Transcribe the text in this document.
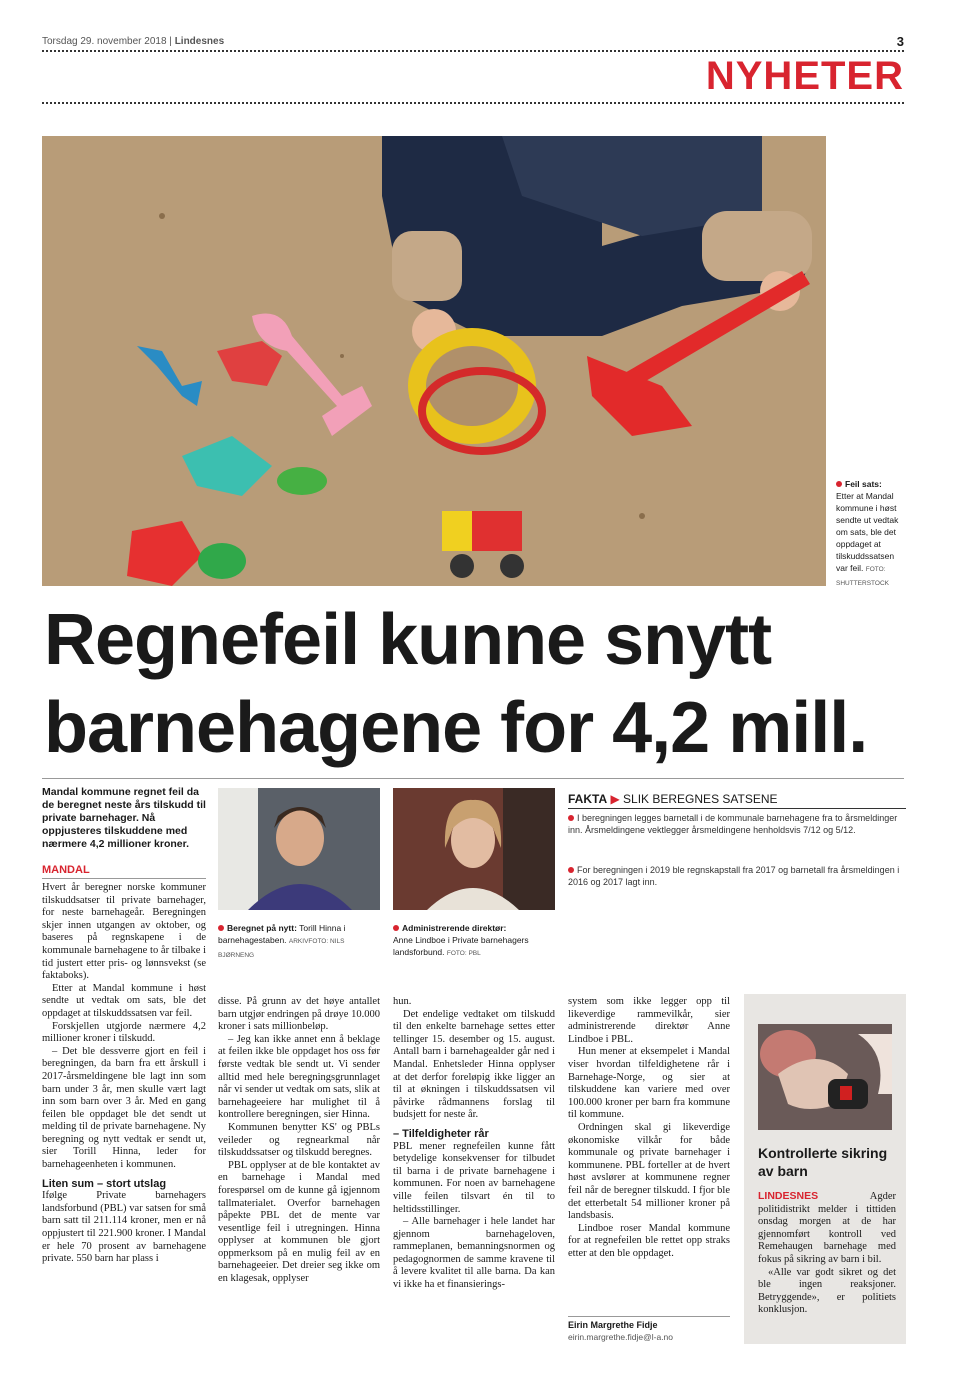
Torsdag 29. november 2018 | Lindesnes	3
NYHETER
Feil sats:
Etter at Mandal kommune i høst sendte ut vedtak om sats, ble det oppdaget at tilskuddssatsen var feil. FOTO: SHUTTERSTOCK
Regnefeil kunne snytt barnehagene for 4,2 mill.
Mandal kommune regnet feil da de beregnet neste års tilskudd til private barnehager. Nå oppjusteres tilskuddene med nærmere 4,2 millioner kroner.
MANDAL

Hvert år beregner norske kommuner tilskuddsatser til private barnehager, for neste barnehageår. Beregningen skjer innen utgangen av oktober, og baseres på regnskapene i de kommunale barnehagene to år tilbake i tid justert etter pris- og lønnsvekst (se faktaboks).

Etter at Mandal kommune i høst sendte ut vedtak om sats, ble det oppdaget at tilskuddssatsen var feil.

Forskjellen utgjorde nærmere 4,2 millioner kroner i tilskudd.

– Det ble dessverre gjort en feil i beregningen, da barn fra ett årskull i 2017-årsmeldingene ble lagt inn som barn under 3 år, men skulle vært lagt inn som barn over 3 år. Med en gang feilen ble oppdaget ble det sendt ut melding til de private barnehagene. Ny beregning og nytt vedtak er sendt ut, sier Torill Hinna, leder for barnehageenheten i kommunen.

Liten sum – stort utslag

Ifølge Private barnehagers landsforbund (PBL) var satsen for små barn satt til 211.114 kroner, men er nå oppjustert til 221.900 kroner. I Mandal er hele 70 prosent av barnehagene private. 550 barn har plass i

Beregnet på nytt: Torill Hinna i barnehagestaben. ARKIVFOTO: NILS BJØRNENG
Administrerende direktør:
Anne Lindboe i Private barnehagers landsforbund. FOTO: PBL
FAKTA ▶ SLIK BEREGNES SATSENE
I beregningen legges barnetall i de kommunale barnehagene fra to årsmeldinger inn. Årsmeldingene vektlegger årsmeldingene henholdsvis 7/12 og 5/12.
For beregningen i 2019 ble regnskapstall fra 2017 og barnetall fra årsmeldingen i 2016 og 2017 lagt inn.

disse. På grunn av det høye antallet barn utgjør endringen på drøye 10.000 kroner i sats millionbeløp.

– Jeg kan ikke annet enn å beklage at feilen ikke ble oppdaget hos oss før første vedtak ble sendt ut. Vi sender alltid med hele beregningsgrunnlaget når vi sender ut vedtak om sats, slik at barnehageeiere har mulighet til å kontrollere beregningen, sier Hinna.

Kommunen benytter KS' og PBLs veileder og regnearkmal når tilskuddssatser og tilskudd beregnes.

PBL opplyser at de ble kontaktet av en barnehage i Mandal med forespørsel om de kunne gå igjennom tallmaterialet. Overfor barnehagen påpekte PBL det de mente var vesentlige feil i utregningen. Hinna opplyser at kommunen ble gjort oppmerksom på en mulig feil av en barnehageeier. Det dreier seg ikke om en klagesak, opplyser

hun.

Det endelige vedtaket om tilskudd til den enkelte barnehage settes etter tellinger 15. desember og 15. august. Antall barn i barnehagealder går ned i Mandal. Enhetsleder Hinna opplyser at det derfor foreløpig ikke ligger an til at økningen i tilskuddssatsen vil påvirke rådmannens forslag til budsjett for neste år.

– Tilfeldigheter rår

PBL mener regnefeilen kunne fått betydelige konsekvenser for tilbudet til barna i de private barnehagene i kommunen. For noen av barnehagene ville feilen tilsvart én til to heltidsstillinger.

– Alle barnehager i hele landet har gjennom barnehageloven, rammeplanen, bemanningsnormen og pedagognormen de samme kravene til å levere kvalitet til alle barna. Da kan vi ikke ha et finansierings-

system som ikke legger opp til likeverdige rammevilkår, sier administrerende direktør Anne Lindboe i PBL.

Hun mener at eksempelet i Mandal viser hvordan tilfeldighetene rår i Barnehage-Norge, og sier at tilskuddene kan variere med over 100.000 kroner per barn fra kommune til kommune.

Ordningen skal gi likeverdige økonomiske vilkår for både kommunale og private barnehager i kommunene. PBL forteller at de hvert høst avslører at kommunene regner feil når de beregner tilskudd. I fjor ble det etterbetalt 54 millioner kroner på landsbasis.

Lindboe roser Mandal kommune for at regnefeilen ble rettet opp straks etter at den ble oppdaget.

Eirin Margrethe Fidje
eirin.margrethe.fidje@l-a.no
Kontrollerte sikring av barn

LINDESNES	Agder politidistrikt melder i tittiden onsdag morgen at de har gjennomført kontroll ved Remehaugen barnehage med fokus på sikring av barn i bil.

«Alle var godt sikret og det ble ingen reaksjoner. Betryggende», er politiets konklusjon.
